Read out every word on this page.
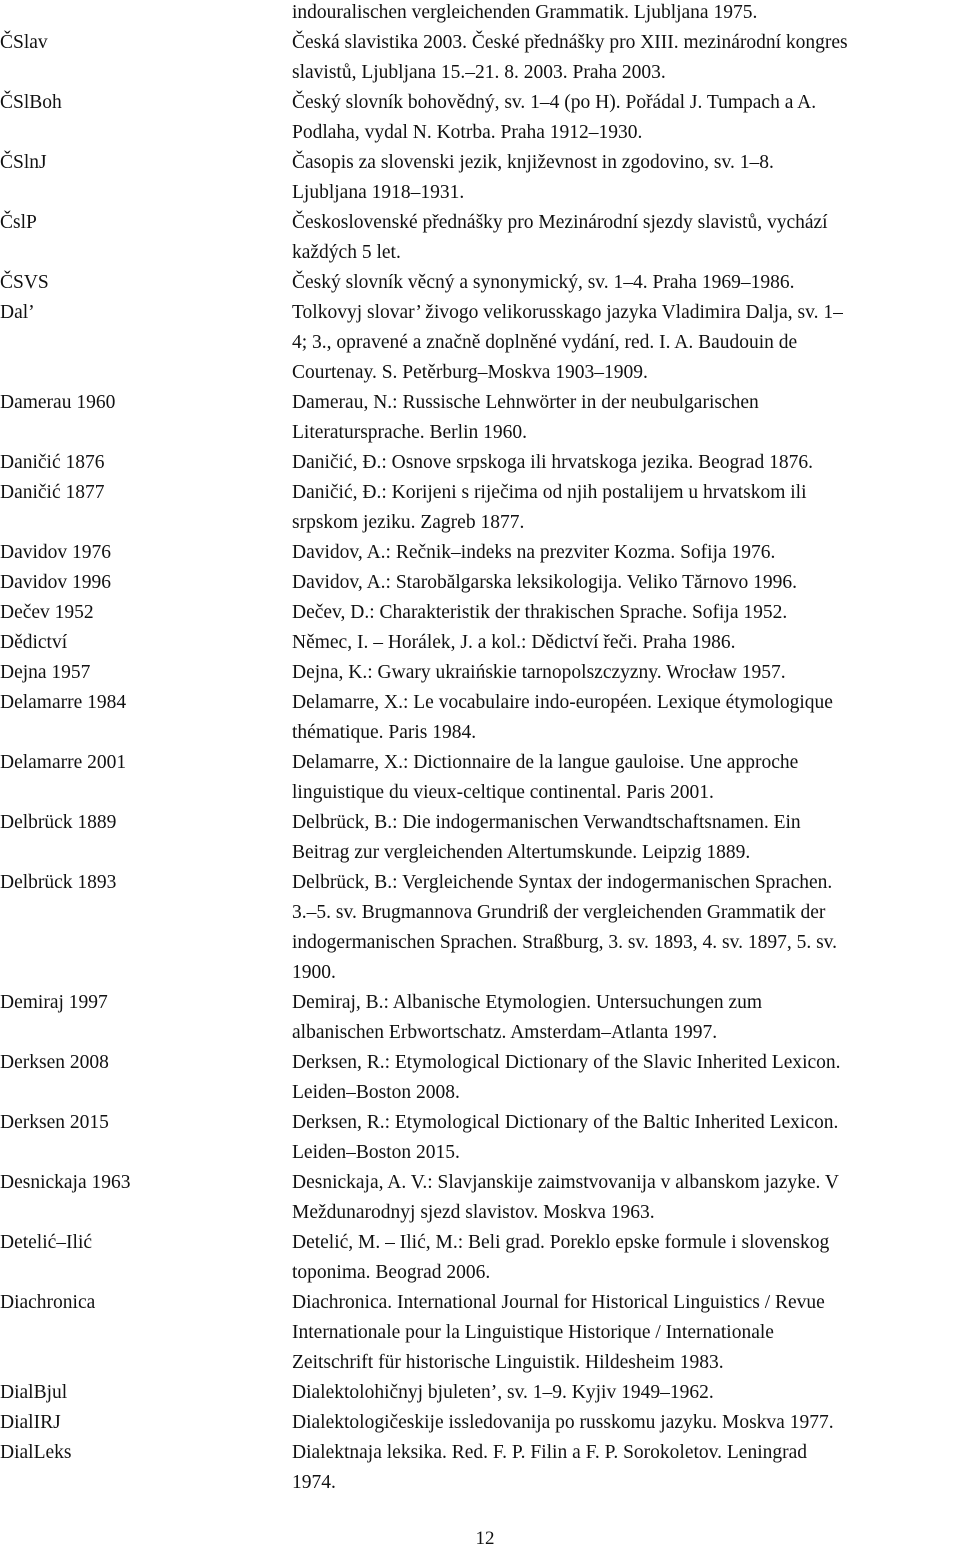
indouralischen vergleichenden Grammatik. Ljubljana 1975.
ČSlav	Česká slavistika 2003. České přednášky pro XIII. mezinárodní kongres
slavistů, Ljubljana 15.–21. 8. 2003. Praha 2003.
ČSlBoh	Český slovník bohovědný, sv. 1–4 (po H). Pořádal J. Tumpach a A.
Podlaha, vydal N. Kotrba. Praha 1912–1930.
ČSlnJ	Časopis za slovenski jezik, književnost in zgodovino, sv. 1–8.
Ljubljana 1918–1931.
ČslP	Československé přednášky pro Mezinárodní sjezdy slavistů, vychází
každých 5 let.
ČSVS	Český slovník věcný a synonymický, sv. 1–4. Praha 1969–1986.
Dal’	Tolkovyj slovar’ živogo velikorusskago jazyka Vladimira Dalja, sv. 1–
4; 3., opravené a značně doplněné vydání, red. I. A. Baudouin de
Courtenay. S. Petěrburg–Moskva 1903–1909.
Damerau 1960	Damerau, N.: Russische Lehnwörter in der neubulgarischen
Literatursprache. Berlin 1960.
Daničić 1876	Daničić, Đ.: Osnove srpskoga ili hrvatskoga jezika. Beograd 1876.
Daničić 1877	Daničić, Đ.: Korijeni s riječima od njih postalijem u hrvatskom ili
srpskom jeziku. Zagreb 1877.
Davidov 1976	Davidov, A.: Rečnik–indeks na prezviter Kozma. Sofija 1976.
Davidov 1996	Davidov, A.: Starobălgarska leksikologija. Veliko Tărnovo 1996.
Dečev 1952	Dečev, D.: Charakteristik der thrakischen Sprache. Sofija 1952.
Dědictví	Němec, I. – Horálek, J. a kol.: Dědictví řeči. Praha 1986.
Dejna 1957	Dejna, K.: Gwary ukraińskie tarnopolszczyzny. Wrocław 1957.
Delamarre 1984	Delamarre, X.: Le vocabulaire indo-européen. Lexique étymologique
thématique. Paris 1984.
Delamarre 2001	Delamarre, X.: Dictionnaire de la langue gauloise. Une approche
linguistique du vieux-celtique continental. Paris 2001.
Delbrück 1889	Delbrück, B.: Die indogermanischen Verwandtschaftsnamen. Ein
Beitrag zur vergleichenden Altertumskunde. Leipzig 1889.
Delbrück 1893	Delbrück, B.: Vergleichende Syntax der indogermanischen Sprachen.
3.–5. sv. Brugmannova Grundriß der vergleichenden Grammatik der
indogermanischen Sprachen. Straßburg, 3. sv. 1893, 4. sv. 1897, 5. sv.
1900.
Demiraj 1997	Demiraj, B.: Albanische Etymologien. Untersuchungen zum
albanischen Erbwortschatz. Amsterdam–Atlanta 1997.
Derksen 2008	Derksen, R.: Etymological Dictionary of the Slavic Inherited Lexicon.
Leiden–Boston 2008.
Derksen 2015	Derksen, R.: Etymological Dictionary of the Baltic Inherited Lexicon.
Leiden–Boston 2015.
Desnickaja 1963	Desnickaja, A. V.: Slavjanskije zaimstvovanija v albanskom jazyke. V
Meždunarodnyj sjezd slavistov. Moskva 1963.
Detelić–Ilić	Detelić, M. – Ilić, M.: Beli grad. Poreklo epske formule i slovenskog
toponima. Beograd 2006.
Diachronica	Diachronica. International Journal for Historical Linguistics / Revue
Internationale pour la Linguistique Historique / Internationale
Zeitschrift für historische Linguistik. Hildesheim 1983.
DialBjul	Dialektolohičnyj bjuleten’, sv. 1–9. Kyjiv 1949–1962.
DialIRJ	Dialektologičeskije issledovanija po russkomu jazyku. Moskva 1977.
DialLeks	Dialektnaja leksika. Red. F. P. Filin a F. P. Sorokoletov. Leningrad
1974.
12
